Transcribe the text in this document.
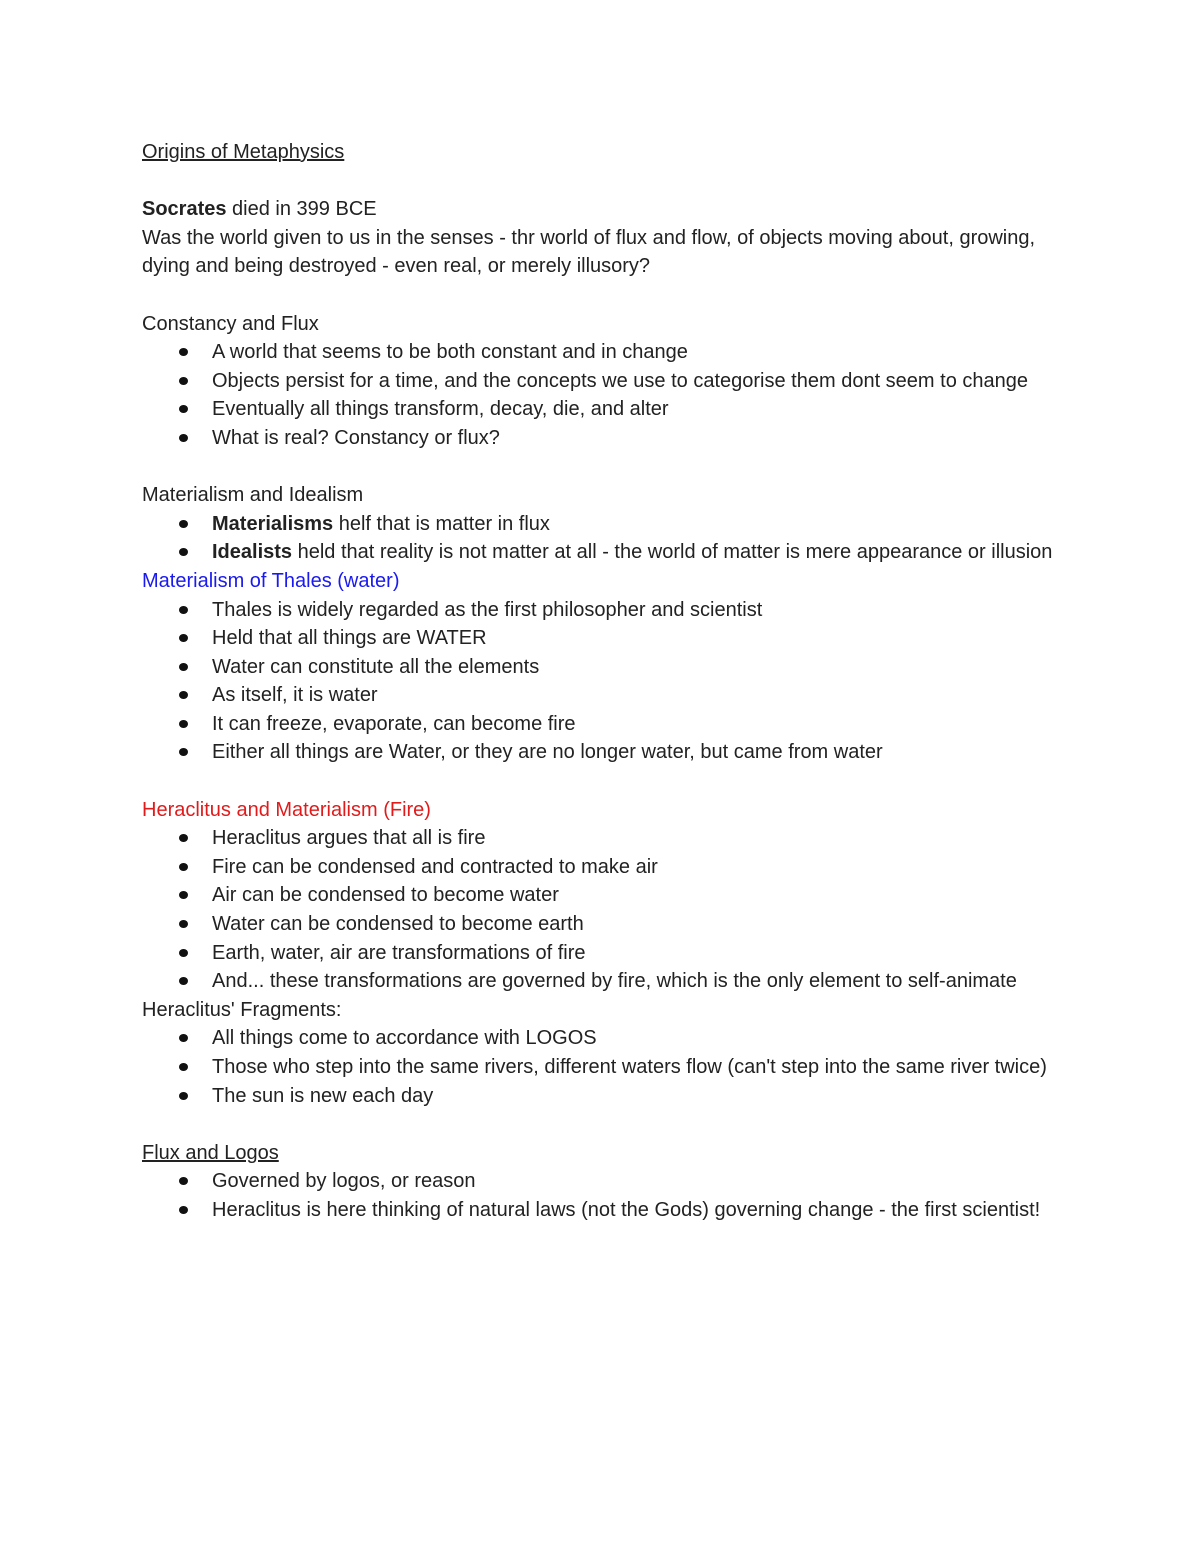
Origins of Metaphysics

Socrates died in 399 BCE

Was the world given to us in the senses - thr world of flux and flow, of objects moving about, growing, dying and being destroyed - even real, or merely illusory?

Constancy and Flux

A world that seems to be both constant and in change
Objects persist for a time, and the concepts we use to categorise them dont seem to change
Eventually all things transform, decay, die, and alter
What is real? Constancy or flux?

Materialism and Idealism

Materialisms helf that is matter in flux
Idealists held that reality is not matter at all - the world of matter is mere appearance or illusion

Materialism of Thales (water)

Thales is widely regarded as the first philosopher and scientist
Held that all things are WATER
Water can constitute all the elements
As itself, it is water
It can freeze, evaporate, can become fire
Either all things are Water, or they are no longer water, but came from water

Heraclitus and Materialism (Fire)

Heraclitus argues that all is fire
Fire can be condensed and contracted to make air
Air can be condensed to become water
Water can be condensed to become earth
Earth, water, air are transformations of fire
And... these transformations are governed by fire, which is the only element to self-animate

Heraclitus' Fragments:

All things come to accordance with LOGOS
Those who step into the same rivers, different waters flow (can't step into the same river twice)
The sun is new each day

Flux and Logos

Governed by logos, or reason
Heraclitus is here thinking of natural laws (not the Gods) governing change - the first scientist!
